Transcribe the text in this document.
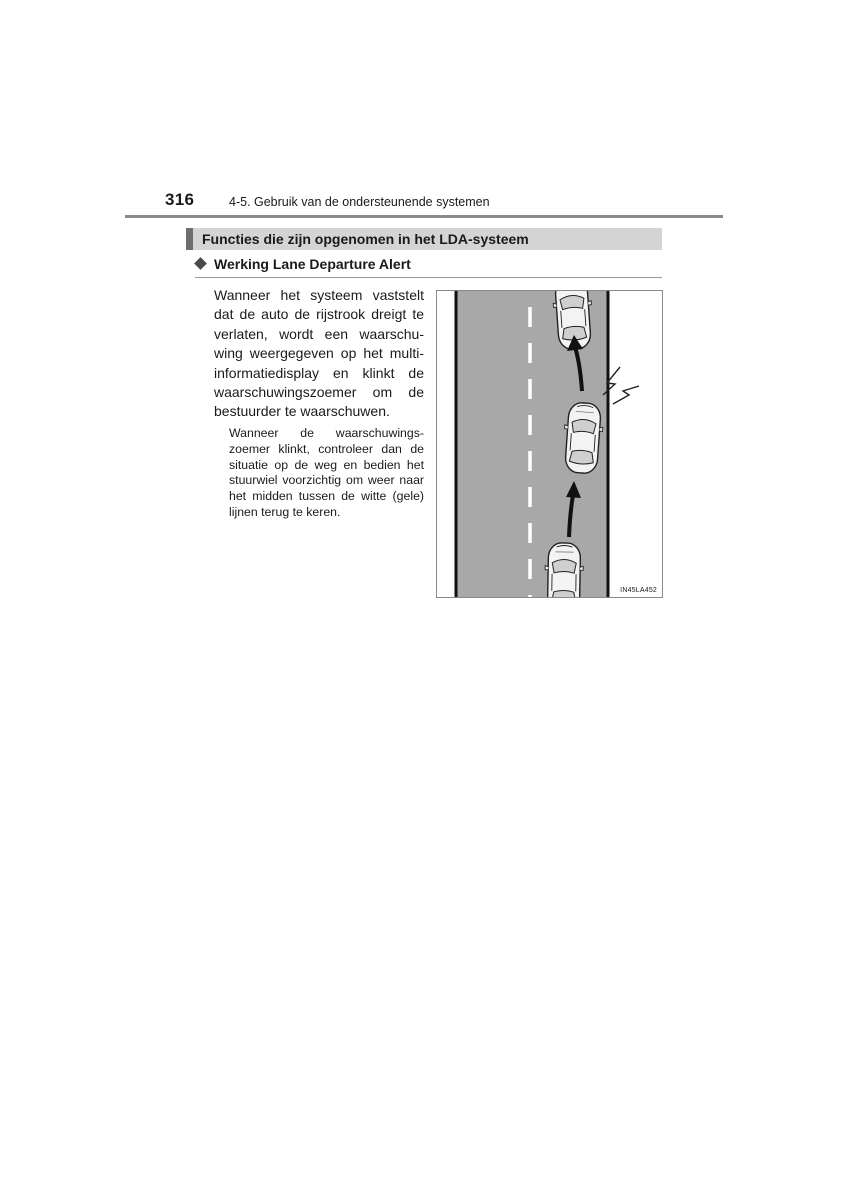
316	4-5. Gebruik van de ondersteunende systemen
Functies die zijn opgenomen in het LDA-systeem
Werking Lane Departure Alert
Wanneer het systeem vaststelt dat de auto de rijstrook dreigt te verlaten, wordt een waarschuwing weergegeven op het multiinformatiedisplay en klinkt de waarschuwingszoemer om de bestuurder te waarschuwen.
Wanneer de waarschuwingszoemer klinkt, controleer dan de situatie op de weg en bedien het stuurwiel voorzichtig om weer naar het midden tussen de witte (gele) lijnen terug te keren.
IN45LA452
